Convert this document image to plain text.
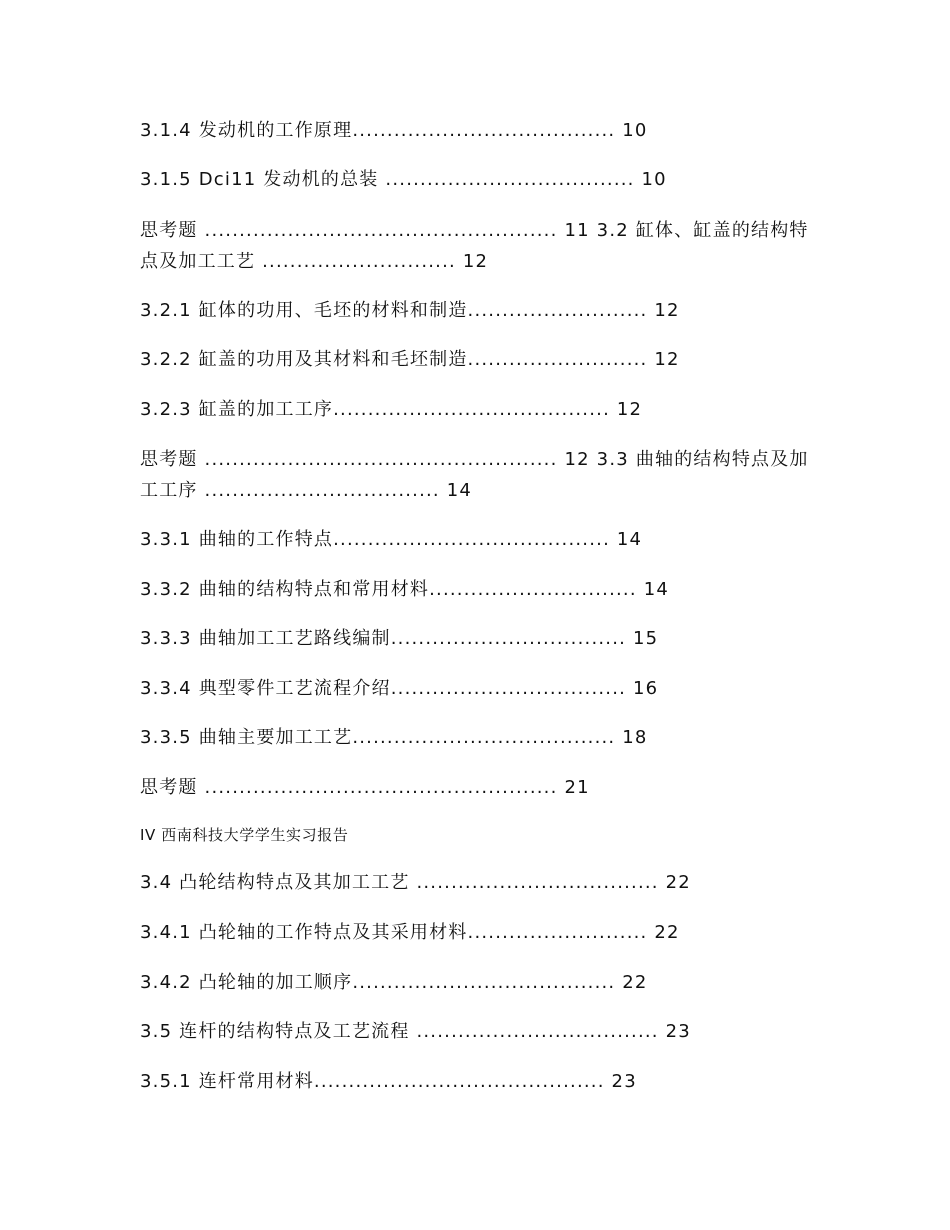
3.1.4 发动机的工作原理...................................... 10
3.1.5 Dci11 发动机的总装 .................................... 10
思考题 ................................................... 11 3.2 缸体、缸盖的结构特点及加工工艺 ............................ 12
3.2.1 缸体的功用、毛坯的材料和制造.......................... 12
3.2.2 缸盖的功用及其材料和毛坯制造.......................... 12
3.2.3 缸盖的加工工序........................................ 12
思考题 ................................................... 12 3.3 曲轴的结构特点及加工工序 .................................. 14
3.3.1 曲轴的工作特点........................................ 14
3.3.2 曲轴的结构特点和常用材料.............................. 14
3.3.3 曲轴加工工艺路线编制.................................. 15
3.3.4 典型零件工艺流程介绍.................................. 16
3.3.5 曲轴主要加工工艺...................................... 18
思考题 ................................................... 21
IV 西南科技大学学生实习报告
3.4 凸轮结构特点及其加工工艺 ................................... 22
3.4.1 凸轮轴的工作特点及其采用材料.......................... 22
3.4.2 凸轮轴的加工顺序...................................... 22
3.5 连杆的结构特点及工艺流程 ................................... 23
3.5.1 连杆常用材料.......................................... 23
